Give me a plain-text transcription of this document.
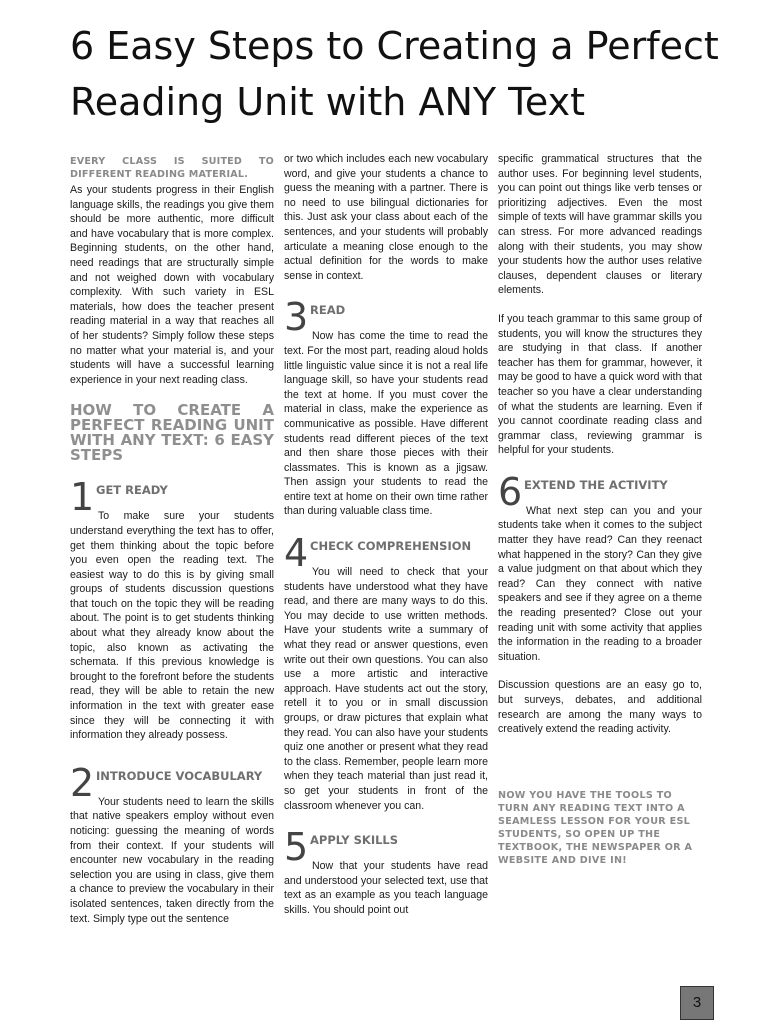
6 Easy Steps to Creating a Perfect Reading Unit with ANY Text
EVERY CLASS IS SUITED TO DIFFERENT READING MATERIAL.

As your students progress in their English language skills, the readings you give them should be more authentic, more difficult and have vocabulary that is more complex. Beginning students, on the other hand, need readings that are structurally simple and not weighed down with vocabulary complexity. With such variety in ESL materials, how does the teacher present reading material in a way that reaches all of her students? Simply follow these steps no matter what your material is, and your students will have a successful learning experience in your next reading class.

HOW TO CREATE A PERFECT READING UNIT WITH ANY TEXT: 6 EASY STEPS
1 GET READY

To make sure your students understand everything the text has to offer, get them thinking about the topic before you even open the reading text. The easiest way to do this is by giving small groups of students discussion questions that touch on the topic they will be reading about. The point is to get students thinking about what they already know about the topic, also known as activating the schemata. If this previous knowledge is brought to the forefront before the students read, they will be able to retain the new information in the text with greater ease since they will be connecting it with information they already possess.

2 INTRODUCE VOCABULARY

Your students need to learn the skills that native speakers employ without even noticing: guessing the meaning of words from their context. If your students will encounter new vocabulary in the reading selection you are using in class, give them a chance to preview the vocabulary in their isolated sentences, taken directly from the text. Simply type out the sentence

or two which includes each new vocabulary word, and give your students a chance to guess the meaning with a partner. There is no need to use bilingual dictionaries for this. Just ask your class about each of the sentences, and your students will probably articulate a meaning close enough to the actual definition for the words to make sense in context.

3 READ

Now has come the time to read the text. For the most part, reading aloud holds little linguistic value since it is not a real life language skill, so have your students read the text at home. If you must cover the material in class, make the experience as communicative as possible. Have different students read different pieces of the text and then share those pieces with their classmates. This is known as a jigsaw. Then assign your students to read the entire text at home on their own time rather than during valuable class time.

4 CHECK COMPREHENSION

You will need to check that your students have understood what they have read, and there are many ways to do this. You may decide to use written methods. Have your students write a summary of what they read or answer questions, even write out their own questions. You can also use a more artistic and interactive approach. Have students act out the story, retell it to you or in small discussion groups, or draw pictures that explain what they read. You can also have your students quiz one another or present what they read to the class. Remember, people learn more when they teach material than just read it, so get your students in front of the classroom whenever you can.

5 APPLY SKILLS

Now that your students have read and understood your selected text, use that text as an example as you teach language skills. You should point out

specific grammatical structures that the author uses. For beginning level students, you can point out things like verb tenses or prioritizing adjectives. Even the most simple of texts will have grammar skills you can stress. For more advanced readings along with their students, you may show your students how the author uses relative clauses, dependent clauses or literary elements.

If you teach grammar to this same group of students, you will know the structures they are studying in that class. If another teacher has them for grammar, however, it may be good to have a quick word with that teacher so you have a clear understanding of what the students are learning. Even if you cannot coordinate reading class and grammar class, reviewing grammar is helpful for your students.

6 EXTEND THE ACTIVITY

What next step can you and your students take when it comes to the subject matter they have read? Can they reenact what happened in the story? Can they give a value judgment on that about which they read? Can they connect with native speakers and see if they agree on a theme the reading presented? Close out your reading unit with some activity that applies the information in the reading to a broader situation.

Discussion questions are an easy go to, but surveys, debates, and additional research are among the many ways to creatively extend the reading activity.

NOW YOU HAVE THE TOOLS TO TURN ANY READING TEXT INTO A SEAMLESS LESSON FOR YOUR ESL STUDENTS, SO OPEN UP THE TEXTBOOK, THE NEWSPAPER OR A WEBSITE AND DIVE IN!
3
